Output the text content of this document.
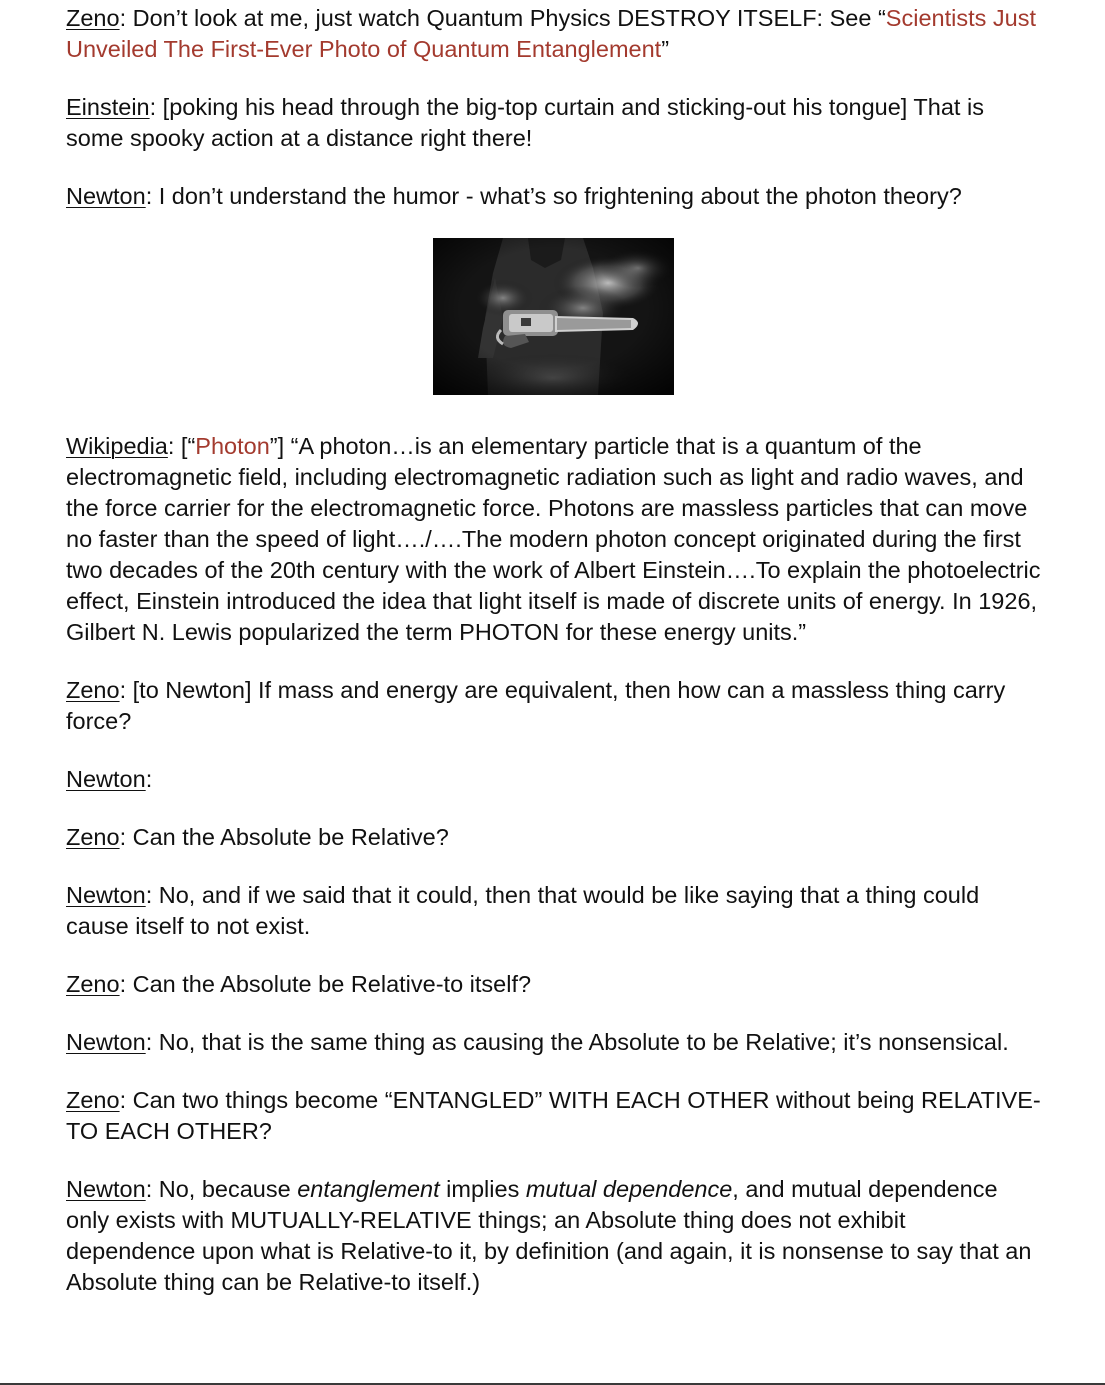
Zeno: Don’t look at me, just watch Quantum Physics DESTROY ITSELF: See “Scientists Just Unveiled The First-Ever Photo of Quantum Entanglement”

Einstein: [poking his head through the big-top curtain and sticking-out his tongue] That is some spooky action at a distance right there!

Newton: I don’t understand the humor - what’s so frightening about the photon theory?

Wikipedia: [“Photon”] “A photon…is an elementary particle that is a quantum of the electromagnetic field, including electromagnetic radiation such as light and radio waves, and the force carrier for the electromagnetic force. Photons are massless particles that can move no faster than the speed of light…./….The modern photon concept originated during the first two decades of the 20th century with the work of Albert Einstein….To explain the photoelectric effect, Einstein introduced the idea that light itself is made of discrete units of energy. In 1926, Gilbert N. Lewis popularized the term PHOTON for these energy units.”

Zeno: [to Newton] If mass and energy are equivalent, then how can a massless thing carry force?

Newton:

Zeno: Can the Absolute be Relative?

Newton: No, and if we said that it could, then that would be like saying that a thing could cause itself to not exist.

Zeno: Can the Absolute be Relative-to itself?

Newton: No, that is the same thing as causing the Absolute to be Relative; it’s nonsensical.

Zeno: Can two things become “ENTANGLED” WITH EACH OTHER without being RELATIVE-TO EACH OTHER?

Newton: No, because entanglement implies mutual dependence, and mutual dependence only exists with MUTUALLY-RELATIVE things; an Absolute thing does not exhibit dependence upon what is Relative-to it, by definition (and again, it is nonsense to say that an Absolute thing can be Relative-to itself.)
